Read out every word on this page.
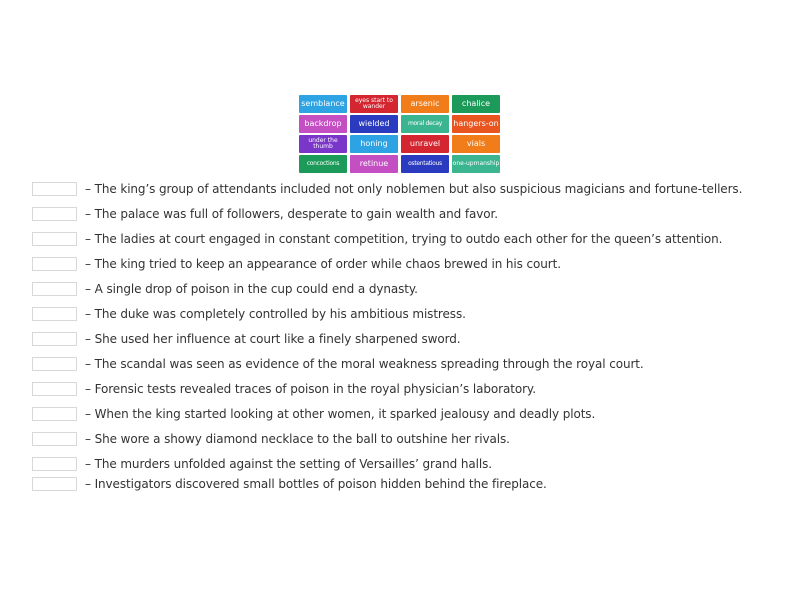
semblance	eyes start to wander	arsenic	chalice
backdrop	wielded	moral decay	hangers-on
under the thumb	honing	unravel	vials
concoctions	retinue	ostentatious	one-upmanship
– The king’s group of attendants included not only noblemen but also suspicious magicians and fortune-tellers.
– The palace was full of followers, desperate to gain wealth and favor.
– The ladies at court engaged in constant competition, trying to outdo each other for the queen’s attention.
– The king tried to keep an appearance of order while chaos brewed in his court.
– A single drop of poison in the cup could end a dynasty.
– The duke was completely controlled by his ambitious mistress.
– She used her influence at court like a finely sharpened sword.
– The scandal was seen as evidence of the moral weakness spreading through the royal court.
– Forensic tests revealed traces of poison in the royal physician’s laboratory.
– When the king started looking at other women, it sparked jealousy and deadly plots.
– She wore a showy diamond necklace to the ball to outshine her rivals.
– The murders unfolded against the setting of Versailles’ grand halls.
– Investigators discovered small bottles of poison hidden behind the fireplace.
